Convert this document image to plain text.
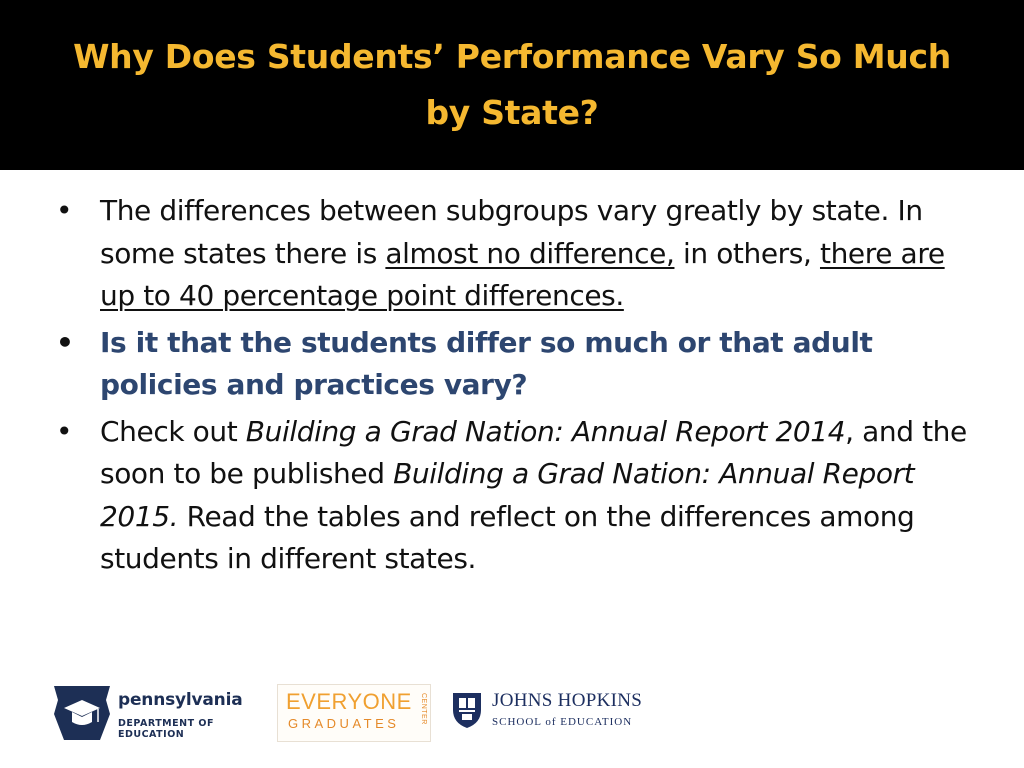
Why Does Students’ Performance Vary So Much by State?
• The differences between subgroups vary greatly by state. In some states there is almost no difference, in others, there are up to 40 percentage point differences.
• Is it that the students differ so much or that adult policies and practices vary?
• Check out Building a Grad Nation: Annual Report 2014, and the soon to be published Building a Grad Nation: Annual Report 2015. Read the tables and reflect on the differences among students in different states.
pennsylvania
DEPARTMENT OF EDUCATION
EVERYONE
GRADUATES	CENTER	JOHNS HOPKINS
SCHOOL of EDUCATION
